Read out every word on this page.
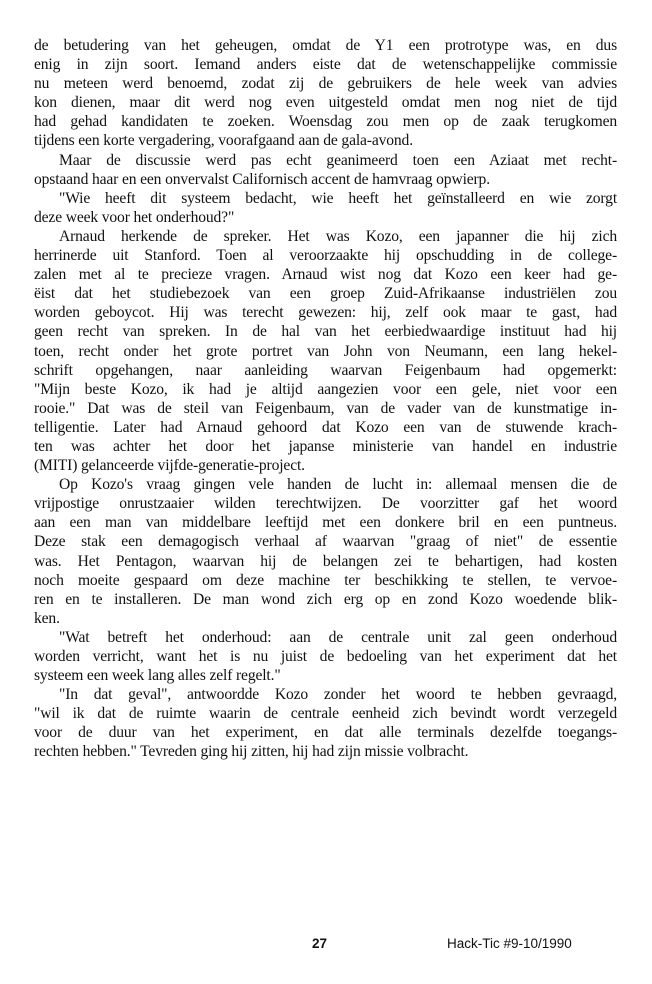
de betudering van het geheugen, omdat de Y1 een protrotype was, en dus
enig in zijn soort. Iemand anders eiste dat de wetenschappelijke commissie
nu meteen werd benoemd, zodat zij de gebruikers de hele week van advies
kon dienen, maar dit werd nog even uitgesteld omdat men nog niet de tijd
had gehad kandidaten te zoeken. Woensdag zou men op de zaak terugkomen
tijdens een korte vergadering, voorafgaand aan de gala-avond.
Maar de discussie werd pas echt geanimeerd toen een Aziaat met recht-
opstaand haar en een onvervalst Californisch accent de hamvraag opwierp.
"Wie heeft dit systeem bedacht, wie heeft het geïnstalleerd en wie zorgt
deze week voor het onderhoud?"
Arnaud herkende de spreker. Het was Kozo, een japanner die hij zich
herrinerde uit Stanford. Toen al veroorzaakte hij opschudding in de college-
zalen met al te precieze vragen. Arnaud wist nog dat Kozo een keer had ge-
ëist dat het studiebezoek van een groep Zuid-Afrikaanse industriëlen zou
worden geboycot. Hij was terecht gewezen: hij, zelf ook maar te gast, had
geen recht van spreken. In de hal van het eerbiedwaardige instituut had hij
toen, recht onder het grote portret van John von Neumann, een lang hekel-
schrift opgehangen, naar aanleiding waarvan Feigenbaum had opgemerkt:
"Mijn beste Kozo, ik had je altijd aangezien voor een gele, niet voor een
rooie." Dat was de steil van Feigenbaum, van de vader van de kunstmatige in-
telligentie. Later had Arnaud gehoord dat Kozo een van de stuwende krach-
ten was achter het door het japanse ministerie van handel en industrie
(MITI) gelanceerde vijfde-generatie-project.
Op Kozo's vraag gingen vele handen de lucht in: allemaal mensen die de
vrijpostige onrustzaaier wilden terechtwijzen. De voorzitter gaf het woord
aan een man van middelbare leeftijd met een donkere bril en een puntneus.
Deze stak een demagogisch verhaal af waarvan "graag of niet" de essentie
was. Het Pentagon, waarvan hij de belangen zei te behartigen, had kosten
noch moeite gespaard om deze machine ter beschikking te stellen, te vervoe-
ren en te installeren. De man wond zich erg op en zond Kozo woedende blik-
ken.
"Wat betreft het onderhoud: aan de centrale unit zal geen onderhoud
worden verricht, want het is nu juist de bedoeling van het experiment dat het
systeem een week lang alles zelf regelt."
"In dat geval", antwoordde Kozo zonder het woord te hebben gevraagd,
"wil ik dat de ruimte waarin de centrale eenheid zich bevindt wordt verzegeld
voor de duur van het experiment, en dat alle terminals dezelfde toegangs-
rechten hebben." Tevreden ging hij zitten, hij had zijn missie volbracht.
27	Hack-Tic #9-10/1990
